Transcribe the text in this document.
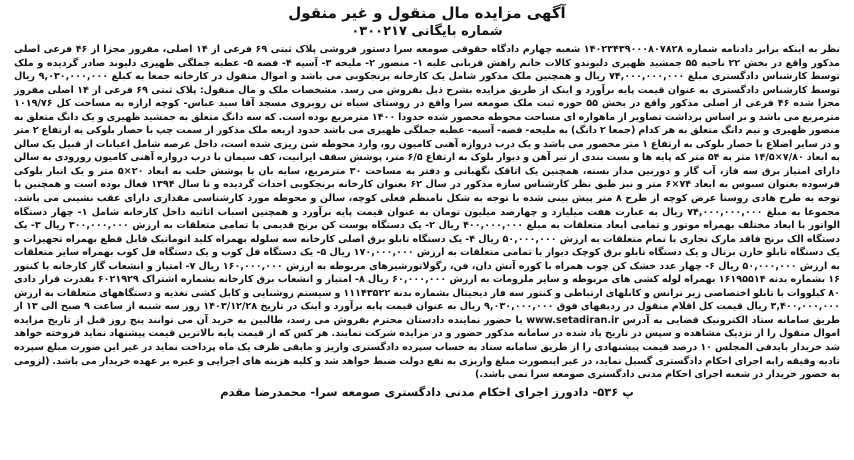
آگهی مزایده مال منقول و غیر منقول
شماره بایگانی ۰۳۰۰۲۱۷

نظر به اینکه برابر دادنامه شماره ۱۴۰۲۳۴۳۹۰۰۰۸۰۷۸۲۸ شعبه چهارم دادگاه حقوقی صومعه سرا دستور فروشی پلاک ثبتی ۶۹ فرعی از ۱۴ اصلی، مفروز مجزا از ۴۶ فرعی اصلی مذکور واقع در بخش ۲۲ ناحیه ۵۵ جمشید ظهیری دلیوندو کالات خانم راهش قربانی علیه ۱- منصور ۲- ملیحه ۳- آسیه ۴- فضه ۵- عطیه جملگی ظهیری دلیوند صادر گردیده و ملک توسط کارشناس دادگستری مبلغ ۷۴,۰۰۰,۰۰۰,۰۰۰ ریال و همچنین ملک مذکور شامل یک کارخانه برنجکوبی می باشد و اموال منقول در کارخانه جمعا به کبلغ ۹,۰۳۰,۰۰۰,۰۰۰ ریال توسط کارشناس دادگستری به عنوان قیمت پایه برآورد و اینک از طریق مزایده بشرح ذیل بفروش می رسد. مشخصات ملک و مال منقول: پلاک ثبتی ۶۹ فرعی از ۱۴ اصلی مفروز مجزا شده ۴۶ فرعی از اصلی مذکور واقع در بخش ۵۵ حوزه ثبت ملک صومعه سرا واقع در روستای سیاه تن روبروی مسجد آقا سید عباس- کوچه ارازه به مساحت کل ۱۰۱۹/۷۶ مترمربع می باشد و بر اساس برداشت تصاویر از ماهواره ای مساحت محوطه محصور شده حدودا ۱۴۰۰ مترمربع بوده است. که سه دانگ متعلق به جمشید ظهیری و یک دانگ متعلق به منصور ظهیری و نیم دانگ متعلق به هر کدام (جمعا ۲ دانگ) به ملیحه- فضه- آسیه- عطیه جملگی ظهیری می باشد حدود اربعه ملک مذکور از سمت چپ با حصار بلوکی به ارتفاع ۲ متر و در سایر اضلاع با حصار بلوکی به ارتفاع ۱ متر محصور می باشد و یک درب دروازه آهنی کامیون رو، وارد محوطه شن ریزی شده است، داخل عرصه شامل اعیانات از قبیل یک سالن به ابعاد ۷/۸۰×۱۴/۵ متر به ۵۴ متر که پایه ها و بست بندی از تیر آهن و دیوار بلوک به ارتفاع ۶/۵ متر، پوشش سقف ایرانیت، کف سیمان با درب دروازه آهنی کامیون رورودی به سالن دارای امتیاز برق سه فاز، آب گاز و دوربین مدار بسته، همچنین یک اتاقک نگهبانی و دفتر به مساحت ۳۰ مترمربع، سایه بان با پوشش حلب به ابعاد ۲۰×۵ متر و یک انبار بلوکی فرسوده بعنوان سبوس به ابعاد ۷۴×۶ متر و نیز طبق نظر کارشناس سازه مذکور در سال ۶۲ بعنوان کارخانه برنجکوبی احداث گردیده و تا سال ۱۳۹۴ فعال بوده است و همچنین با توجه به طرح هادی روستا عرض کوچه از طرح ۸ متر پیش بینی شده با توجه به شکل نامنظم فعلی کوچه، سالن و محوطه مورد کارشناسی مقداری دارای عقب نشینی می باشد. مجموعا به مبلغ ۷۴,۰۰۰,۰۰۰,۰۰۰ ریال به عبارت هفت میلیارد و چهارصد میلیون تومان به عنوان قیمت پایه برآورد و همچنین اسباب اثاثیه داخل کارخانه شامل ۱- چهار دستگاه الواتور با ابعاد مختلف بهمراه موتور و تمامی ابعاد متعلقات به مبلغ ۴۰۰,۰۰۰,۰۰۰ ریال ۲- یک دستگاه پوست کن برنج قدیمی با تمامی متعلقات به ارزش ۳۰۰,۰۰۰,۰۰۰ ریال ۳- یک دستگاه الک برنج فاقد مارک تجاری با تمام متعلقات به ارزش ۵۰,۰۰۰,۰۰۰ ریال ۴- یک دستگاه تابلو برق اصلی کارخانه سه سلوله بهمراه کلید اتوماتیک قابل قطع بهمراه تجهیزات و یک دستگاه تابلو خازن برنال و یک دستگاه تابلو برق کوچک دیوار با تمامی متعلقات به ارزش ۱۷۰,۰۰۰,۰۰۰ ریال ۵- یک دستگاه فل کوب و یک دستگاه فل کوب بهمراه سایر متعلقات به ارزش ۵۰,۰۰۰,۰۰۰ ریال ۶- چهار عدد خشک کن چوب همراه با کوره آتش دان، فن، رگولاتورشیرهای مربوطه به ارزش ۱۶۰,۰۰۰,۰۰۰ ریال ۷- امتیاز و انشعاب گاز کارخانه با کنتور ۱۶ بشماره بدنه ۱۶۱۹۵۵۱۴ بهمراه لوله کشی های مربوطه و سایر ملزومات به ارزش ۶۰,۰۰۰,۰۰۰ ریال ۸- امتیاز و انشعاب برق کارخانه بشماره اشتراک ۶۰۲۱۹۲۹ بقدرت قرار دادی ۸۰ کیلووات با تابلو اختصاصی زیر ترانس و کابلهای ارتباطی و کنتور سه فاز دیجیتال بشماره بدنه ۱۱۱۴۳۵۲۲ و سیستم روشنایی و کابل کشی تغذیه و دستگاههای متعلقات به ارزش ۳,۴۰۰,۰۰۰,۰۰۰ ریال قیمت کل اقلام منقول در ردیفهای فوق ۹,۰۳۰,۰۰۰,۰۰۰ ریال به عنوان قیمت پایه برآورد و اینک در تاریخ ۱۴۰۳/۱۲/۲۸ روز سه شنبه از ساعت ۹ صبح الی ۱۳ از طریق سامانه ستاد الکترونیک قضایی به آدرس www.setadiran.ir با حضور نماینده دادستان محترم بفروش می رسد، طالبین به خرید آن می توانند پنج روز قبل از تاریخ مزایده اموال منقول را از نزدیک مشاهده و سپس در تاریخ یاد شده در سامانه مذکور حضور و در مزایده شرکت نمایند. هر کس که از قیمت پایه بالاترین قیمت پیشنهاد نماید فروخته خواهد شد خریدار بایدفی المجلس ۱۰ درصد قیمت پیشنهادی را از طریق سامانه ستاد به حساب سپرده دادگستری واریز و مابقی ظرف یک ماه پرداخت نماید در غیر این صورت مبلغ سپرده تادیه وقیقه رابه اجرای احکام دادگستری گسیل نماید، در غیر اینصورت مبلغ واریزی به نفع دولت ضبط خواهد شد و کلیه هزینه های اجرایی و غیره بر عهده خریدار می باشد. (لزومی به حضور خریدار در شعبه اجرای احکام مدنی دادگستری صومعه سرا نمی باشد.)

پ ۵۳۶- دادورز اجرای احکام مدنی دادگستری صومعه سرا- محمدرضا مقدم
